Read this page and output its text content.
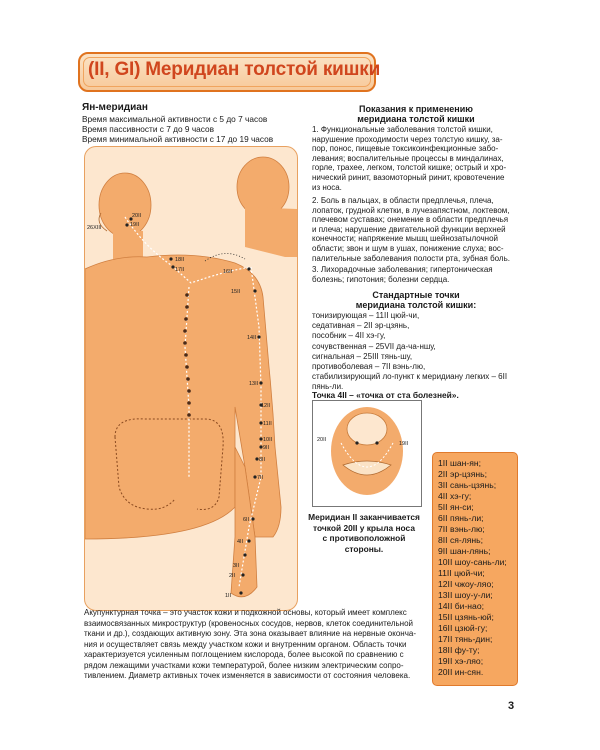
(II, GI) Меридиан толстой кишки
Ян-меридиан
Время максимальной активности с 5 до 7 часов
Время пассивности с 7 до 9 часов
Время минимальной активности с 17 до 19 часов
20II
19II
26XIII
18II
17II	16II
15II
14II
13II
12II
11II
10II
9II
8II
7II
6II
4II
3II
2II
1II
Показания к применению
меридиана толстой кишки
1. Функциональные заболевания толстой кишки,
нарушение проходимости через толстую кишку, за-
пор, понос, пищевые токсикоинфекционные забо-
левания; воспалительные процессы в миндалинах,
горле, трахее, легком, толстой кишке; острый и хро-
нический ринит, вазомоторный ринит, кровотечение
из носа.
2. Боль в пальцах, в области предплечья, плеча,
лопаток, грудной клетки, в лучезапястном, локтевом,
плечевом суставах; онемение в области предплечья
и плеча; нарушение двигательной функции верхней
конечности; напряжение мышц шейнозатылочной
области; звон и шум в ушах, понижение слуха; вос-
палительные заболевания полости рта, зубная боль.
3. Лихорадочные заболевания; гипертоническая
болезнь; гипотония; болезни сердца.
Стандартные точки
меридиана толстой кишки:
тонизирующая – 11II цюй-чи,
седативная – 2II эр-цзянь,
пособник – 4II хэ-гу,
сочувственная – 25VII да-чa-ншу,
сигнальная – 25III тянь-шу,
противоболевая – 7II вэнь-лю,
стабилизирующий лo-пункт к меридиану легких – 6II
пянь-ли.
Точка 4II – «точка от ста болезней».
20II
19II
Меридиан II заканчивается
точкой 20II у крыла носа
с противоположной
стороны.
1II шан-ян;
2II эр-цзянь;
3II сань-цзянь;
4II хэ-гу;
5II ян-си;
6II пянь-ли;
7II вэнь-лю;
8II ся-лянь;
9II шан-лянь;
10II шоу-сань-ли;
11II цюй-чи;
12II чжоу-ляо;
13II шоу-у-ли;
14II би-нао;
15II цзянь-юй;
16II цзюй-гу;
17II тянь-дин;
18II фу-ту;
19II хэ-ляо;
20II ин-сян.
Акупунктурная точка – это участок кожи и подкожной основы, который имеет комплекс
взаимосвязанных микроструктур (кровеносных сосудов, нервов, клеток соединительной
ткани и др.), создающих активную зону. Эта зона оказывает влияние на нервные оконча-
ния и осуществляет связь между участком кожи и внутренним органом. Область точки
характеризуется усиленным поглощением кислорода, более высокой по сравнению с
рядом лежащими участками кожи температурой, более низким электрическим сопро-
тивлением. Диаметр активных точек изменяется в зависимости от состояния человека.
3
